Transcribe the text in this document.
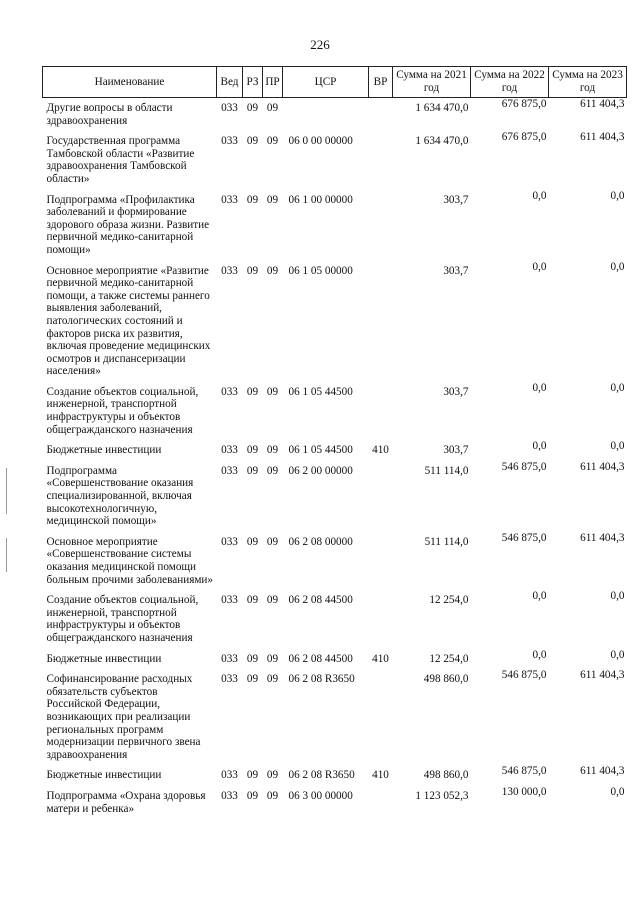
226
Наименование	Вед	РЗ	ПР	ЦСР	ВР	Сумма на 2021 год	Сумма на 2022 год	Сумма на 2023 год
Другие вопросы в области здравоохранения	033	09	09			1 634 470,0	676 875,0	611 404,3
Государственная программа Тамбовской области «Развитие здравоохранения Тамбовской области»	033	09	09	06 0 00 00000		1 634 470,0	676 875,0	611 404,3
Подпрограмма «Профилактика заболеваний и формирование здорового образа жизни. Развитие первичной медико-санитарной помощи»	033	09	09	06 1 00 00000		303,7	0,0	0,0
Основное мероприятие «Развитие первичной медико-санитарной помощи, а также системы раннего выявления заболеваний, патологических состояний и факторов риска их развития, включая проведение медицинских осмотров и диспансеризации населения»	033	09	09	06 1 05 00000		303,7	0,0	0,0
Создание объектов социальной, инженерной, транспортной инфраструктуры и объектов общегражданского назначения	033	09	09	06 1 05 44500		303,7	0,0	0,0
Бюджетные инвестиции	033	09	09	06 1 05 44500	410	303,7	0,0	0,0
Подпрограмма «Совершенствование оказания специализированной, включая высокотехнологичную, медицинской помощи»	033	09	09	06 2 00 00000		511 114,0	546 875,0	611 404,3
Основное мероприятие «Совершенствование системы оказания медицинской помощи больным прочими заболеваниями»	033	09	09	06 2 08 00000		511 114,0	546 875,0	611 404,3
Создание объектов социальной, инженерной, транспортной инфраструктуры и объектов общегражданского назначения	033	09	09	06 2 08 44500		12 254,0	0,0	0,0
Бюджетные инвестиции	033	09	09	06 2 08 44500	410	12 254,0	0,0	0,0
Софинансирование расходных обязательств субъектов Российской Федерации, возникающих при реализации региональных программ модернизации первичного звена здравоохранения	033	09	09	06 2 08 R3650		498 860,0	546 875,0	611 404,3
Бюджетные инвестиции	033	09	09	06 2 08 R3650	410	498 860,0	546 875,0	611 404,3
Подпрограмма «Охрана здоровья матери и ребенка»	033	09	09	06 3 00 00000		1 123 052,3	130 000,0	0,0
